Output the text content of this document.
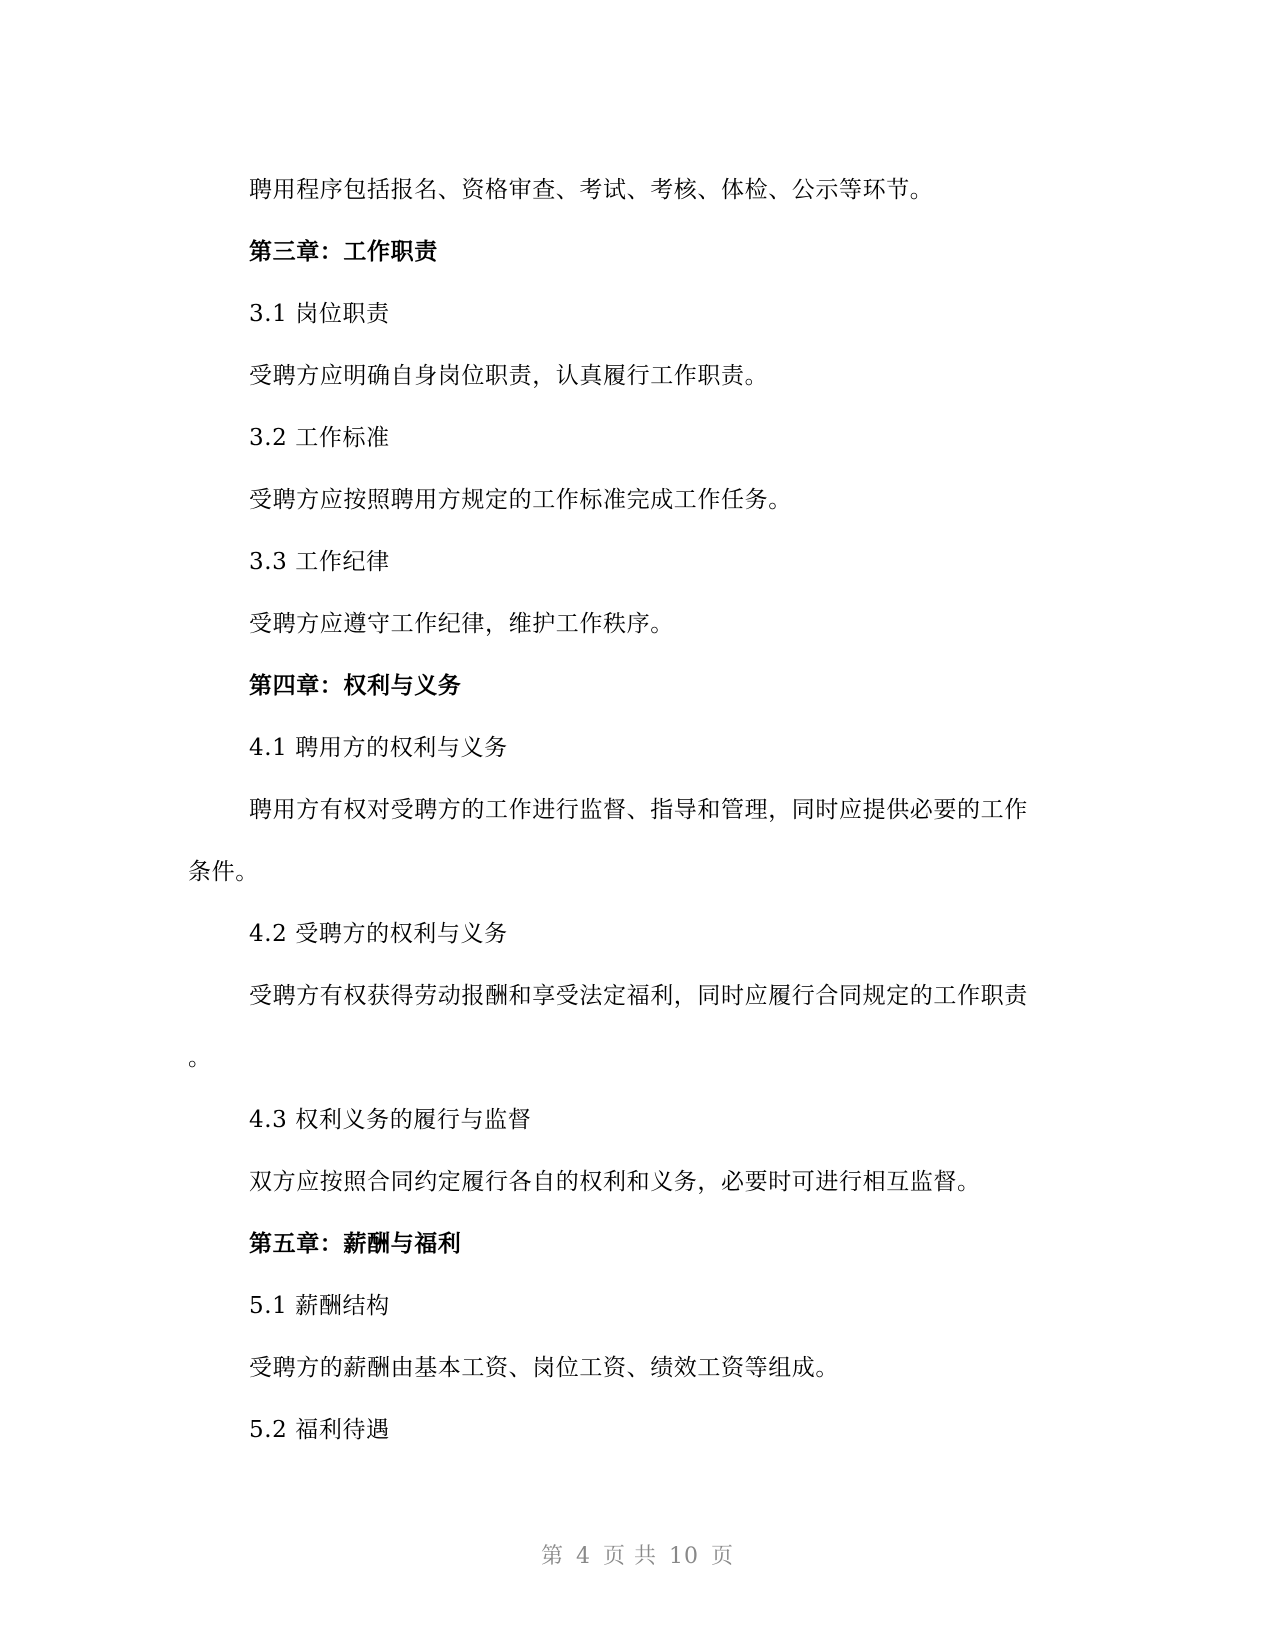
聘用程序包括报名、资格审查、考试、考核、体检、公示等环节。
第三章：工作职责
3.1 岗位职责
受聘方应明确自身岗位职责，认真履行工作职责。
3.2 工作标准
受聘方应按照聘用方规定的工作标准完成工作任务。
3.3 工作纪律
受聘方应遵守工作纪律，维护工作秩序。
第四章：权利与义务
4.1 聘用方的权利与义务
聘用方有权对受聘方的工作进行监督、指导和管理，同时应提供必要的工作
条件。
4.2 受聘方的权利与义务
受聘方有权获得劳动报酬和享受法定福利，同时应履行合同规定的工作职责
。
4.3 权利义务的履行与监督
双方应按照合同约定履行各自的权利和义务，必要时可进行相互监督。
第五章：薪酬与福利
5.1 薪酬结构
受聘方的薪酬由基本工资、岗位工资、绩效工资等组成。
5.2 福利待遇
第 4 页 共 10 页
